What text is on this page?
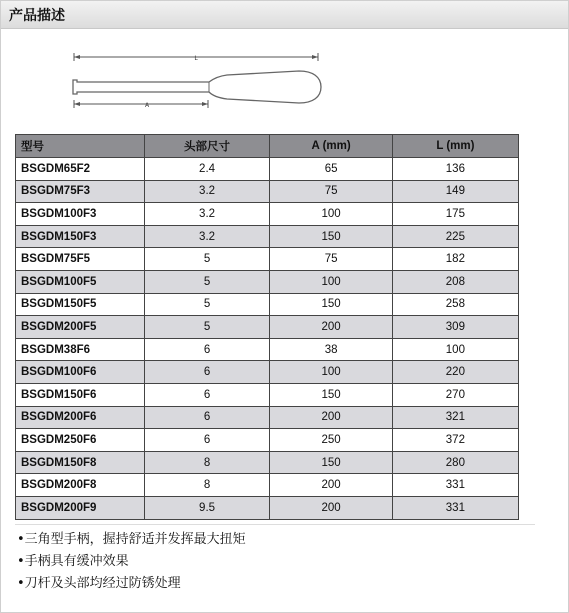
产品描述
L
A
型号	头部尺寸	A (mm)	L (mm)
BSGDM65F2	2.4	65	136
BSGDM75F3	3.2	75	149
BSGDM100F3	3.2	100	175
BSGDM150F3	3.2	150	225
BSGDM75F5	5	75	182
BSGDM100F5	5	100	208
BSGDM150F5	5	150	258
BSGDM200F5	5	200	309
BSGDM38F6	6	38	100
BSGDM100F6	6	100	220
BSGDM150F6	6	150	270
BSGDM200F6	6	200	321
BSGDM250F6	6	250	372
BSGDM150F8	8	150	280
BSGDM200F8	8	200	331
BSGDM200F9	9.5	200	331
•三角型手柄，握持舒适并发挥最大扭矩
•手柄具有缓冲效果
•刀杆及头部均经过防锈处理
